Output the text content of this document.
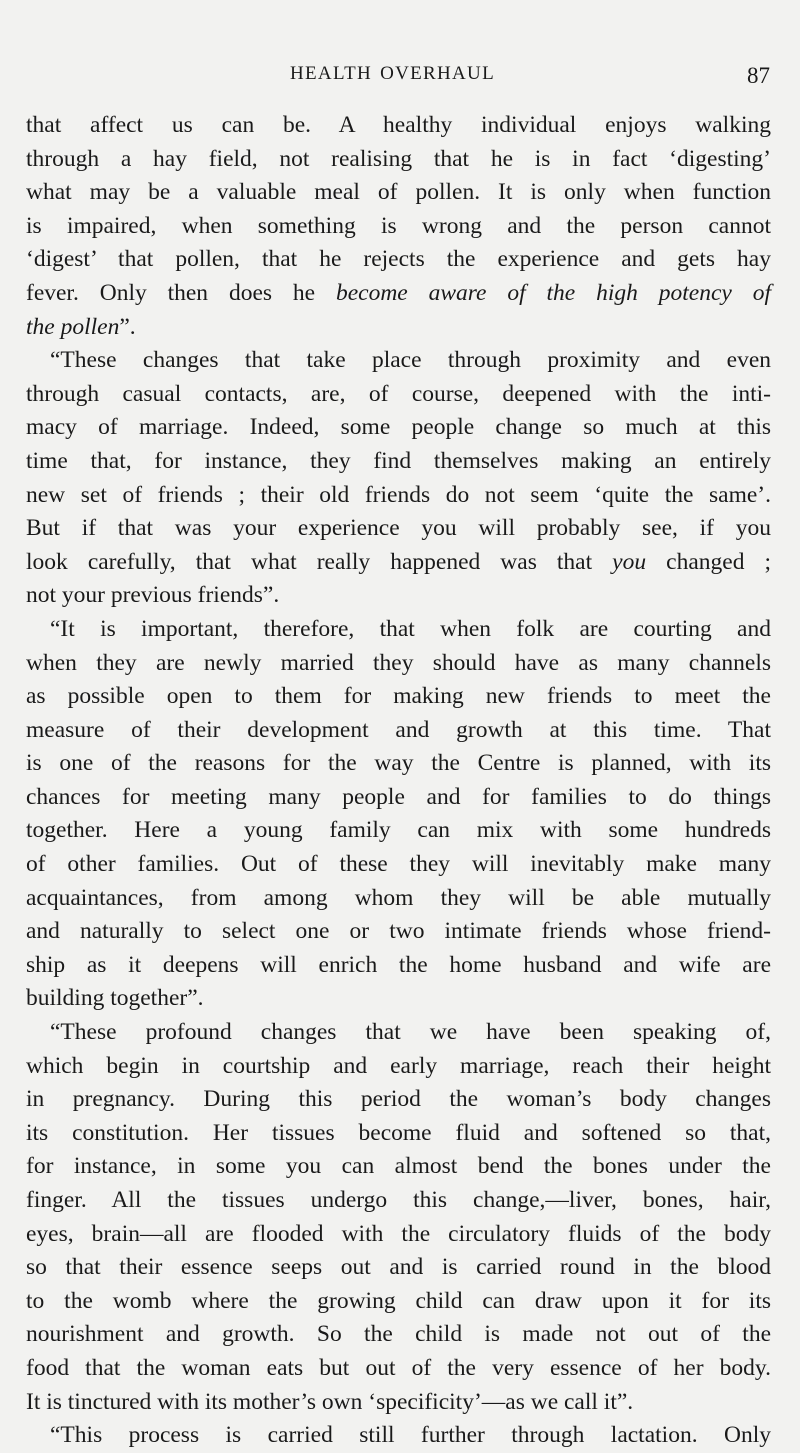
HEALTH OVERHAUL	87
that affect us can be. A healthy individual enjoys walking
through a hay field, not realising that he is in fact ‘digesting’
what may be a valuable meal of pollen. It is only when function
is impaired, when something is wrong and the person cannot
‘digest’ that pollen, that he rejects the experience and gets hay
fever. Only then does he become aware of the high potency of
the pollen”.
“These changes that take place through proximity and even
through casual contacts, are, of course, deepened with the inti-
macy of marriage. Indeed, some people change so much at this
time that, for instance, they find themselves making an entirely
new set of friends ; their old friends do not seem ‘quite the same’.
But if that was your experience you will probably see, if you
look carefully, that what really happened was that you changed ;
not your previous friends”.
“It is important, therefore, that when folk are courting and
when they are newly married they should have as many channels
as possible open to them for making new friends to meet the
measure of their development and growth at this time. That
is one of the reasons for the way the Centre is planned, with its
chances for meeting many people and for families to do things
together. Here a young family can mix with some hundreds
of other families. Out of these they will inevitably make many
acquaintances, from among whom they will be able mutually
and naturally to select one or two intimate friends whose friend-
ship as it deepens will enrich the home husband and wife are
building together”.
“These profound changes that we have been speaking of,
which begin in courtship and early marriage, reach their height
in pregnancy. During this period the woman’s body changes
its constitution. Her tissues become fluid and softened so that,
for instance, in some you can almost bend the bones under the
finger. All the tissues undergo this change,—liver, bones, hair,
eyes, brain—all are flooded with the circulatory fluids of the body
so that their essence seeps out and is carried round in the blood
to the womb where the growing child can draw upon it for its
nourishment and growth. So the child is made not out of the
food that the woman eats but out of the very essence of her body.
It is tinctured with its mother’s own ‘specificity’—as we call it”.
“This process is carried still further through lactation. Only
